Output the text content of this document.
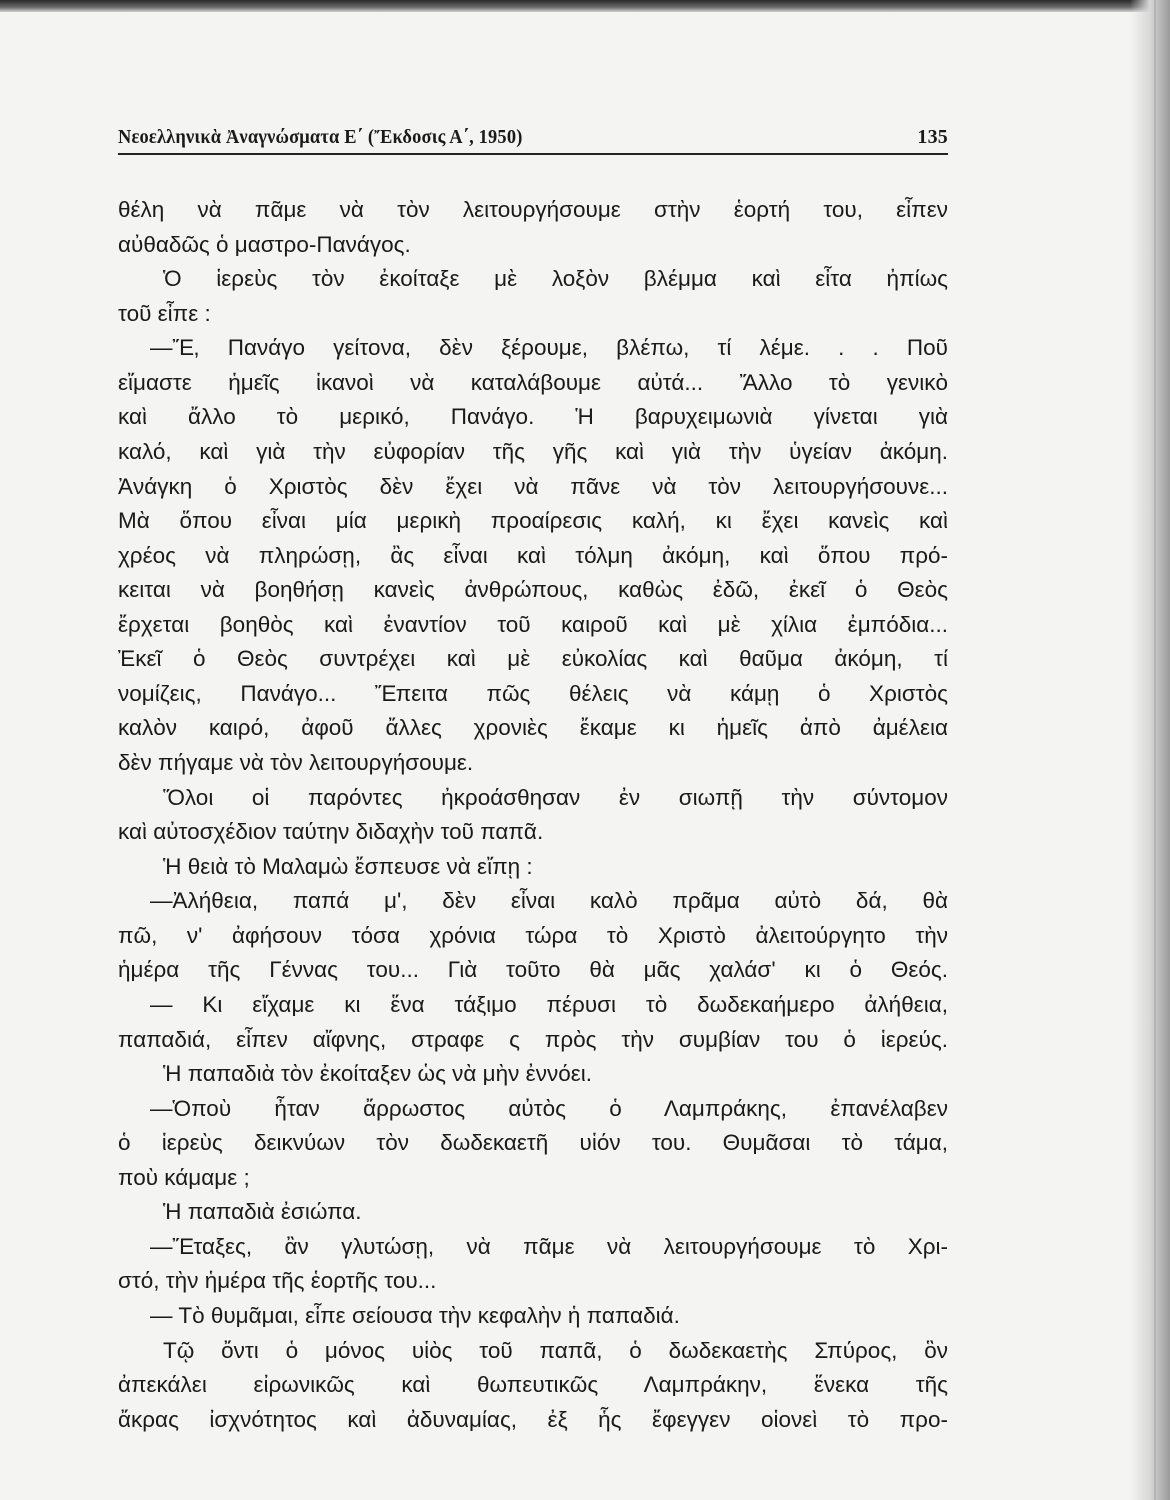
Νεοελληνικὰ Ἀναγνώσματα Ε΄ (Ἔκδοσις Α΄, 1950)	135
θέλη νὰ πᾶμε νὰ τὸν λειτουργήσουμε στὴν ἑορτή του, εἶπεν
αὐθαδῶς ὁ μαστρο-Πανάγος.
Ὁ ἱερεὺς τὸν ἐκοίταξε μὲ λοξὸν βλέμμα καὶ εἶτα ἠπίως
τοῦ εἶπε :
—Ἔ, Πανάγο γείτονα, δὲν ξέρουμε, βλέπω, τί λέμε. . . Ποῦ
εἴμαστε ἡμεῖς ἱκανοὶ νὰ καταλάβουμε αὐτά... Ἄλλο τὸ γενικὸ
καὶ ἄλλο τὸ μερικό, Πανάγο. Ἡ βαρυχειμωνιὰ γίνεται γιὰ
καλό, καὶ γιὰ τὴν εὐφορίαν τῆς γῆς καὶ γιὰ τὴν ὑγείαν ἀκόμη.
Ἀνάγκη ὁ Χριστὸς δὲν ἔχει νὰ πᾶνε νὰ τὸν λειτουργήσουνε...
Μὰ ὅπου εἶναι μία μερικὴ προαίρεσις καλή, κι ἔχει κανεὶς καὶ
χρέος νὰ πληρώσῃ, ἂς εἶναι καὶ τόλμη ἀκόμη, καὶ ὅπου πρό-
κειται νὰ βοηθήσῃ κανεὶς ἀνθρώπους, καθὼς ἐδῶ, ἐκεῖ ὁ Θεὸς
ἔρχεται βοηθὸς καὶ ἐναντίον τοῦ καιροῦ καὶ μὲ χίλια ἐμπόδια...
Ἐκεῖ ὁ Θεὸς συντρέχει καὶ μὲ εὐκολίας καὶ θαῦμα ἀκόμη, τί
νομίζεις, Πανάγο... Ἔπειτα πῶς θέλεις νὰ κάμῃ ὁ Χριστὸς
καλὸν καιρό, ἀφοῦ ἄλλες χρονιὲς ἔκαμε κι ἡμεῖς ἀπὸ ἀμέλεια
δὲν πήγαμε νὰ τὸν λειτουργήσουμε.
Ὅλοι οἱ παρόντες ἠκροάσθησαν ἐν σιωπῇ τὴν σύντομον
καὶ αὐτοσχέδιον ταύτην διδαχὴν τοῦ παπᾶ.
Ἡ θειὰ τὸ Μαλαμὼ ἔσπευσε νὰ εἴπῃ :
—Ἀλήθεια, παπά μ', δὲν εἶναι καλὸ πρᾶμα αὐτὸ δά, θὰ
πῶ, ν' ἀφήσουν τόσα χρόνια τώρα τὸ Χριστὸ ἀλειτούργητο τὴν
ἡμέρα τῆς Γέννας του... Γιὰ τοῦτο θὰ μᾶς χαλάσ' κι ὁ Θεός.
— Κι εἴχαμε κι ἕνα τάξιμο πέρυσι τὸ δωδεκαήμερο ἀλήθεια,
παπαδιά, εἶπεν αἴφνης, στραφε ς πρὸς τὴν συμβίαν του ὁ ἱερεύς.
Ἡ παπαδιὰ τὸν ἐκοίταξεν ὡς νὰ μὴν ἐννόει.
—Ὁποὺ ἦταν ἄρρωστος αὐτὸς ὁ Λαμπράκης, ἐπανέλαβεν
ὁ ἱερεὺς δεικνύων τὸν δωδεκαετῆ υἱόν του. Θυμᾶσαι τὸ τάμα,
ποὺ κάμαμε ;
Ἡ παπαδιὰ ἐσιώπα.
—Ἔταξες, ἂν γλυτώσῃ, νὰ πᾶμε νὰ λειτουργήσουμε τὸ Χρι-
στό, τὴν ἡμέρα τῆς ἑορτῆς του...
— Τὸ θυμᾶμαι, εἶπε σείουσα τὴν κεφαλὴν ἡ παπαδιά.
Τῷ ὄντι ὁ μόνος υἱὸς τοῦ παπᾶ, ὁ δωδεκαετὴς Σπύρος, ὃν
ἀπεκάλει εἰρωνικῶς καὶ θωπευτικῶς Λαμπράκην, ἕνεκα τῆς
ἄκρας ἰσχνότητος καὶ ἀδυναμίας, ἐξ ἧς ἔφεγγεν οἱονεὶ τὸ προ-
